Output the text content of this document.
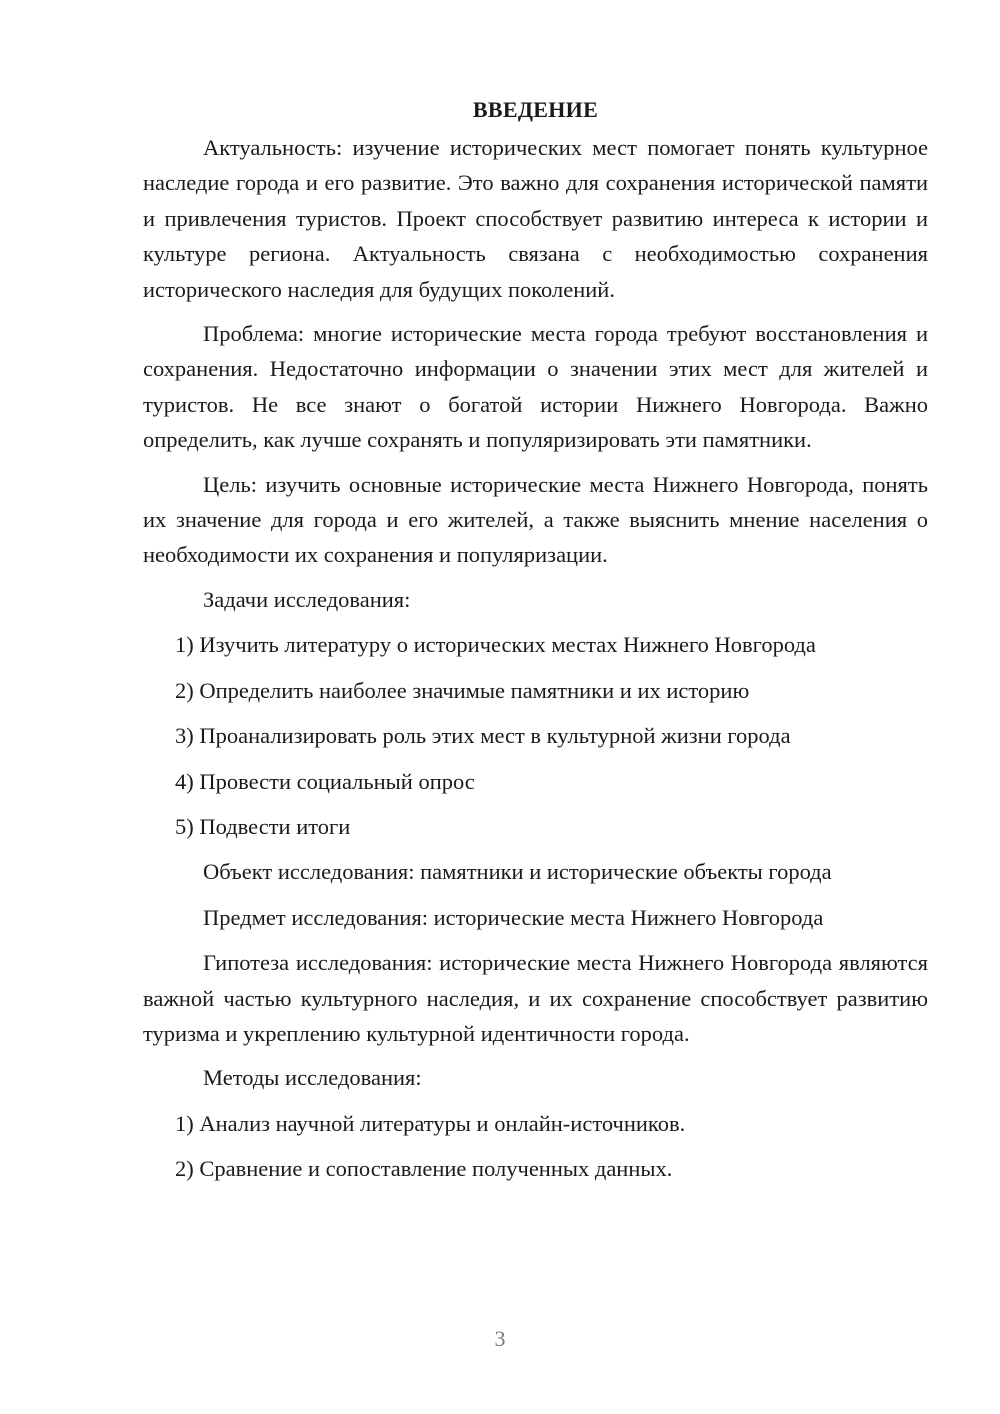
ВВЕДЕНИЕ

Актуальность: изучение исторических мест помогает понять культурное наследие города и его развитие. Это важно для сохранения исторической памяти и привлечения туристов. Проект способствует развитию интереса к истории и культуре региона. Актуальность связана с необходимостью сохранения исторического наследия для будущих поколений.

Проблема: многие исторические места города требуют восстановления и сохранения. Недостаточно информации о значении этих мест для жителей и туристов. Не все знают о богатой истории Нижнего Новгорода. Важно определить, как лучше сохранять и популяризировать эти памятники.

Цель: изучить основные исторические места Нижнего Новгорода, понять их значение для города и его жителей, а также выяснить мнение населения о необходимости их сохранения и популяризации.

Задачи исследования:
1) Изучить литературу о исторических местах Нижнего Новгорода
2) Определить наиболее значимые памятники и их историю
3) Проанализировать роль этих мест в культурной жизни города
4) Провести социальный опрос
5) Подвести итоги
Объект исследования: памятники и исторические объекты города
Предмет исследования: исторические места Нижнего Новгорода

Гипотеза исследования: исторические места Нижнего Новгорода являются важной частью культурного наследия, и их сохранение способствует развитию туризма и укреплению культурной идентичности города.

Методы исследования:
1) Анализ научной литературы и онлайн-источников.
2) Сравнение и сопоставление полученных данных.
3
